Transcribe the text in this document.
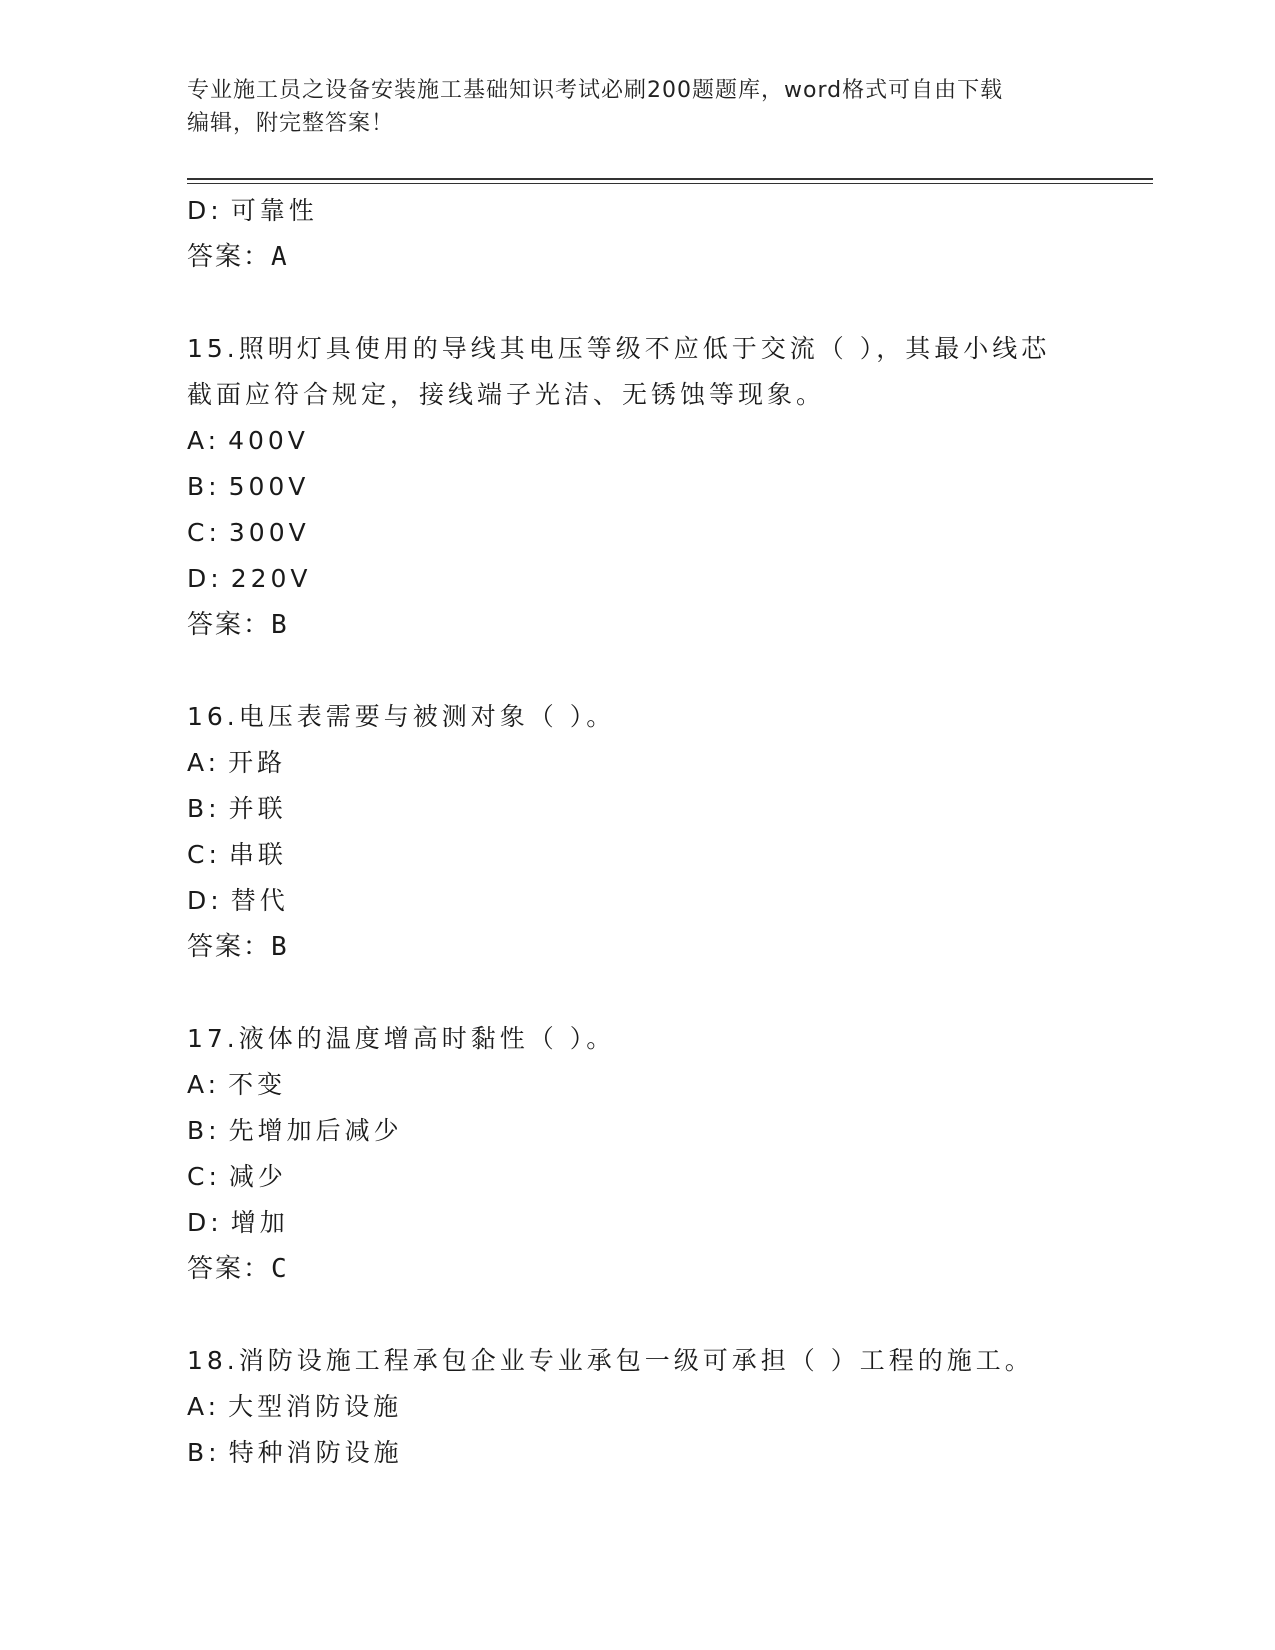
专业施工员之设备安装施工基础知识考试必刷200题题库，word格式可自由下载
编辑，附完整答案！
D: 可靠性
答案：A
15.照明灯具使用的导线其电压等级不应低于交流（ ），其最小线芯
截面应符合规定，接线端子光洁、无锈蚀等现象。
A: 400V
B: 500V
C: 300V
D: 220V
答案：B
16.电压表需要与被测对象（ ）。
A: 开路
B: 并联
C: 串联
D: 替代
答案：B
17.液体的温度增高时黏性（ ）。
A: 不变
B: 先增加后减少
C: 减少
D: 增加
答案：C
18.消防设施工程承包企业专业承包一级可承担（ ）工程的施工。
A: 大型消防设施
B: 特种消防设施
